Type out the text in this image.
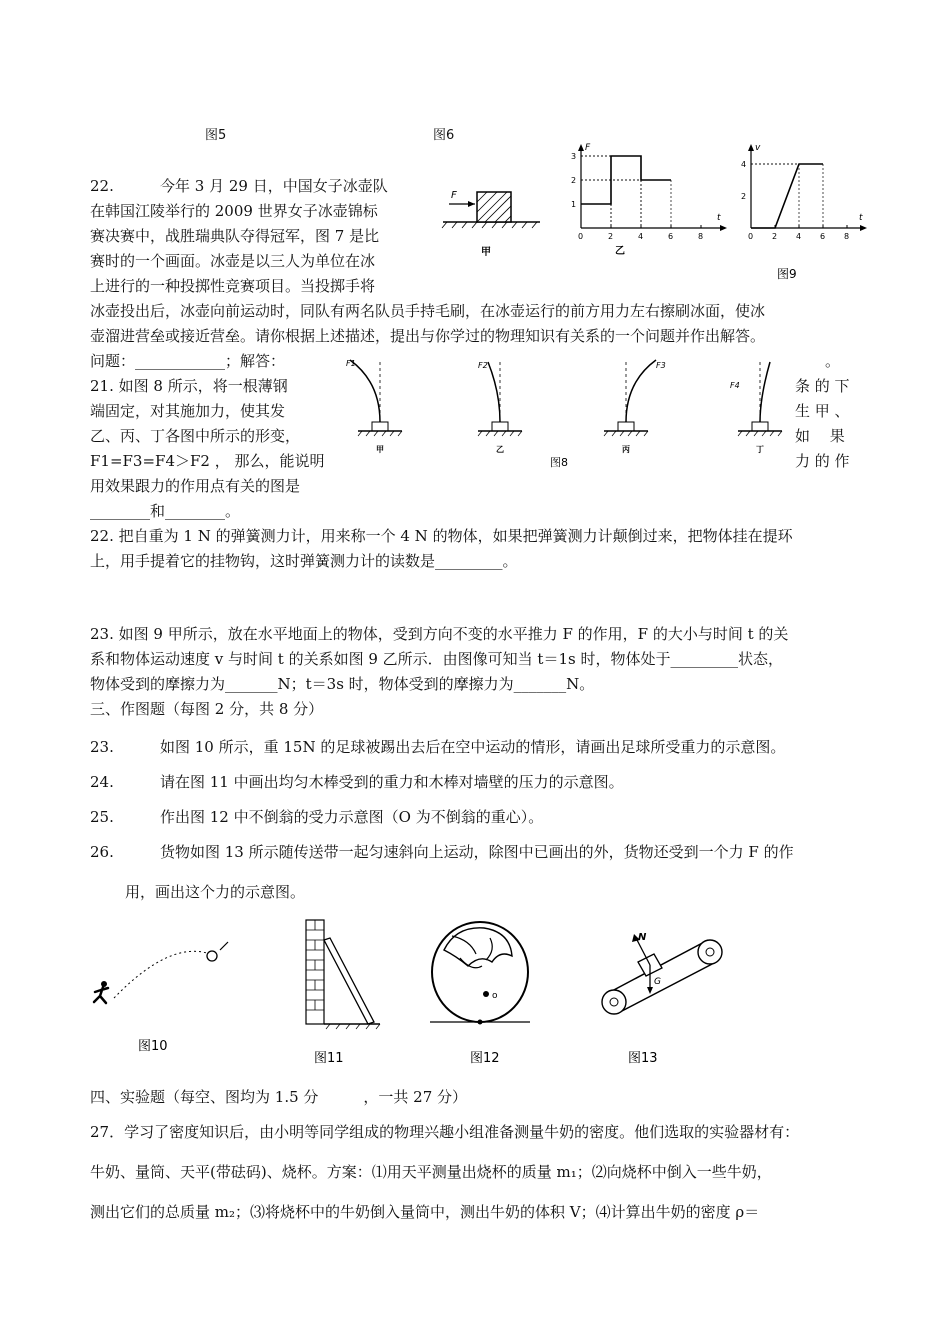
图5	图6
F
甲
F
t
0	2	4	6	8
1
2
3
v
t
0 2 4 6 8
2
4
乙
图9
22.	今年 3 月 29 日，中国女子冰壶队
在韩国江陵举行的 2009 世界女子冰壶锦标
赛决赛中，战胜瑞典队夺得冠军，图 7 是比
赛时的一个画面。冰壶是以三人为单位在冰
上进行的一种投掷性竞赛项目。当投掷手将
冰壶投出后，冰壶向前运动时，同队有两名队员手持毛刷，在冰壶运行的前方用力左右擦刷冰面，使冰
壶溜进营垒或接近营垒。请你根据上述描述，提出与你学过的物理知识有关系的一个问题并作出解答。
问题：____________；解答：	。
21. 如图 8 所示，将一根薄钢
端固定，对其施加力，使其发
乙、丙、丁各图中所示的形变，
F1=F3=F4＞F2 ， 那么，能说明
用效果跟力的作用点有关的图是
________和________。
条 的 下
生 甲 、
如　 果
力 的 作
F1
甲
F2
乙
F3
丙
F4
丁
图8
22. 把自重为 1 N 的弹簧测力计，用来称一个 4 N 的物体，如果把弹簧测力计颠倒过来，把物体挂在提环
上，用手提着它的挂物钩，这时弹簧测力计的读数是_________。
23. 如图 9 甲所示，放在水平地面上的物体，受到方向不变的水平推力 F 的作用，F 的大小与时间 t 的关
系和物体运动速度 v 与时间 t 的关系如图 9 乙所示．由图像可知当 t＝1s 时，物体处于_________状态，
物体受到的摩擦力为_______N；t＝3s 时，物体受到的摩擦力为_______N。
三、作图题（每图 2 分，共 8 分）
23.	如图 10 所示，重 15N 的足球被踢出去后在空中运动的情形，请画出足球所受重力的示意图。
24.	请在图 11 中画出均匀木棒受到的重力和木棒对墙壁的压力的示意图。
25.	作出图 12 中不倒翁的受力示意图（O 为不倒翁的重心）。
26.	货物如图 13 所示随传送带一起匀速斜向上运动，除图中已画出的外，货物还受到一个力 F 的作
用，画出这个力的示意图。
图10
图11
o
图12
N
G
图13
四、实验题（每空、图均为 1.5 分　　　，一共 27 分）
27．学习了密度知识后，由小明等同学组成的物理兴趣小组准备测量牛奶的密度。他们选取的实验器材有：
牛奶、量筒、天平(带砝码)、烧杯。方案：⑴用天平测量出烧杯的质量 m₁；⑵向烧杯中倒入一些牛奶，
测出它们的总质量 m₂；⑶将烧杯中的牛奶倒入量筒中，测出牛奶的体积 V；⑷计算出牛奶的密度 ρ＝
